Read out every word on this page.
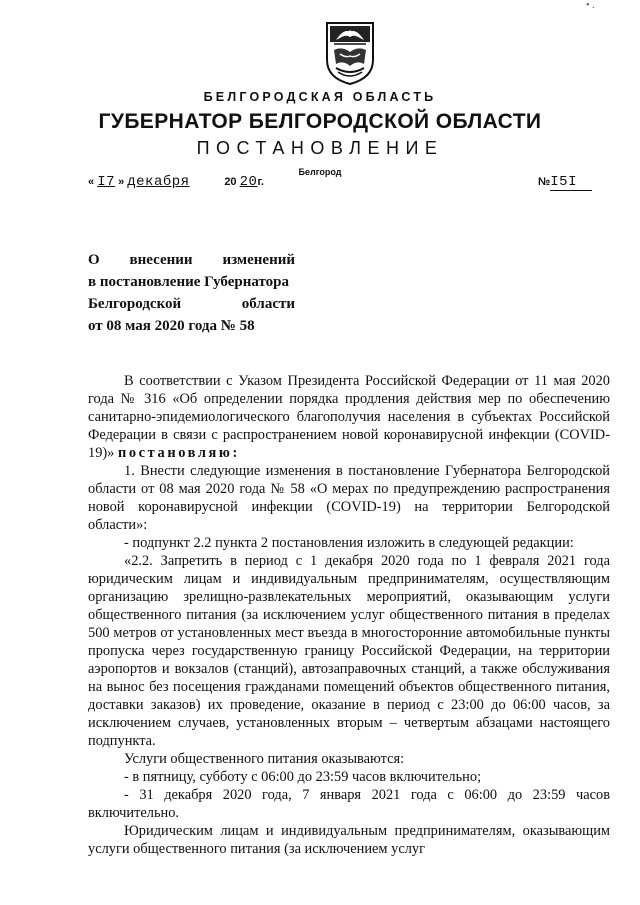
• .
БЕЛГОРОДСКАЯ ОБЛАСТЬ
ГУБЕРНАТОР БЕЛГОРОДСКОЙ ОБЛАСТИ
ПОСТАНОВЛЕНИЕ
Белгород
« I7 » декабря	20 20г.	№I5I
О внесении изменений
в постановление Губернатора
Белгородской	области
от 08 мая 2020 года № 58

В соответствии с Указом Президента Российской Федерации от 11 мая 2020 года № 316 «Об определении порядка продления действия мер по обеспечению санитарно-эпидемиологического благополучия населения в субъектах Российской Федерации в связи с распространением новой коронавирусной инфекции (COVID-19)» постановляю:

1. Внести следующие изменения в постановление Губернатора Белгородской области от 08 мая 2020 года № 58 «О мерах по предупреждению распространения новой коронавирусной инфекции (COVID-19) на территории Белгородской области»:

- подпункт 2.2 пункта 2 постановления изложить в следующей редакции:

«2.2. Запретить в период с 1 декабря 2020 года по 1 февраля 2021 года юридическим лицам и индивидуальным предпринимателям, осуществляющим организацию зрелищно-развлекательных мероприятий, оказывающим услуги общественного питания (за исключением услуг общественного питания в пределах 500 метров от установленных мест въезда в многосторонние автомобильные пункты пропуска через государственную границу Российской Федерации, на территории аэропортов и вокзалов (станций), автозаправочных станций, а также обслуживания на вынос без посещения гражданами помещений объектов общественного питания, доставки заказов) их проведение, оказание в период с 23:00 до 06:00 часов, за исключением случаев, установленных вторым – четвертым абзацами настоящего подпункта.

Услуги общественного питания оказываются:

- в пятницу, субботу с 06:00 до 23:59 часов включительно;

- 31 декабря 2020 года, 7 января 2021 года с 06:00 до 23:59 часов включительно.

Юридическим лицам и индивидуальным предпринимателям, оказывающим услуги общественного питания (за исключением услуг
